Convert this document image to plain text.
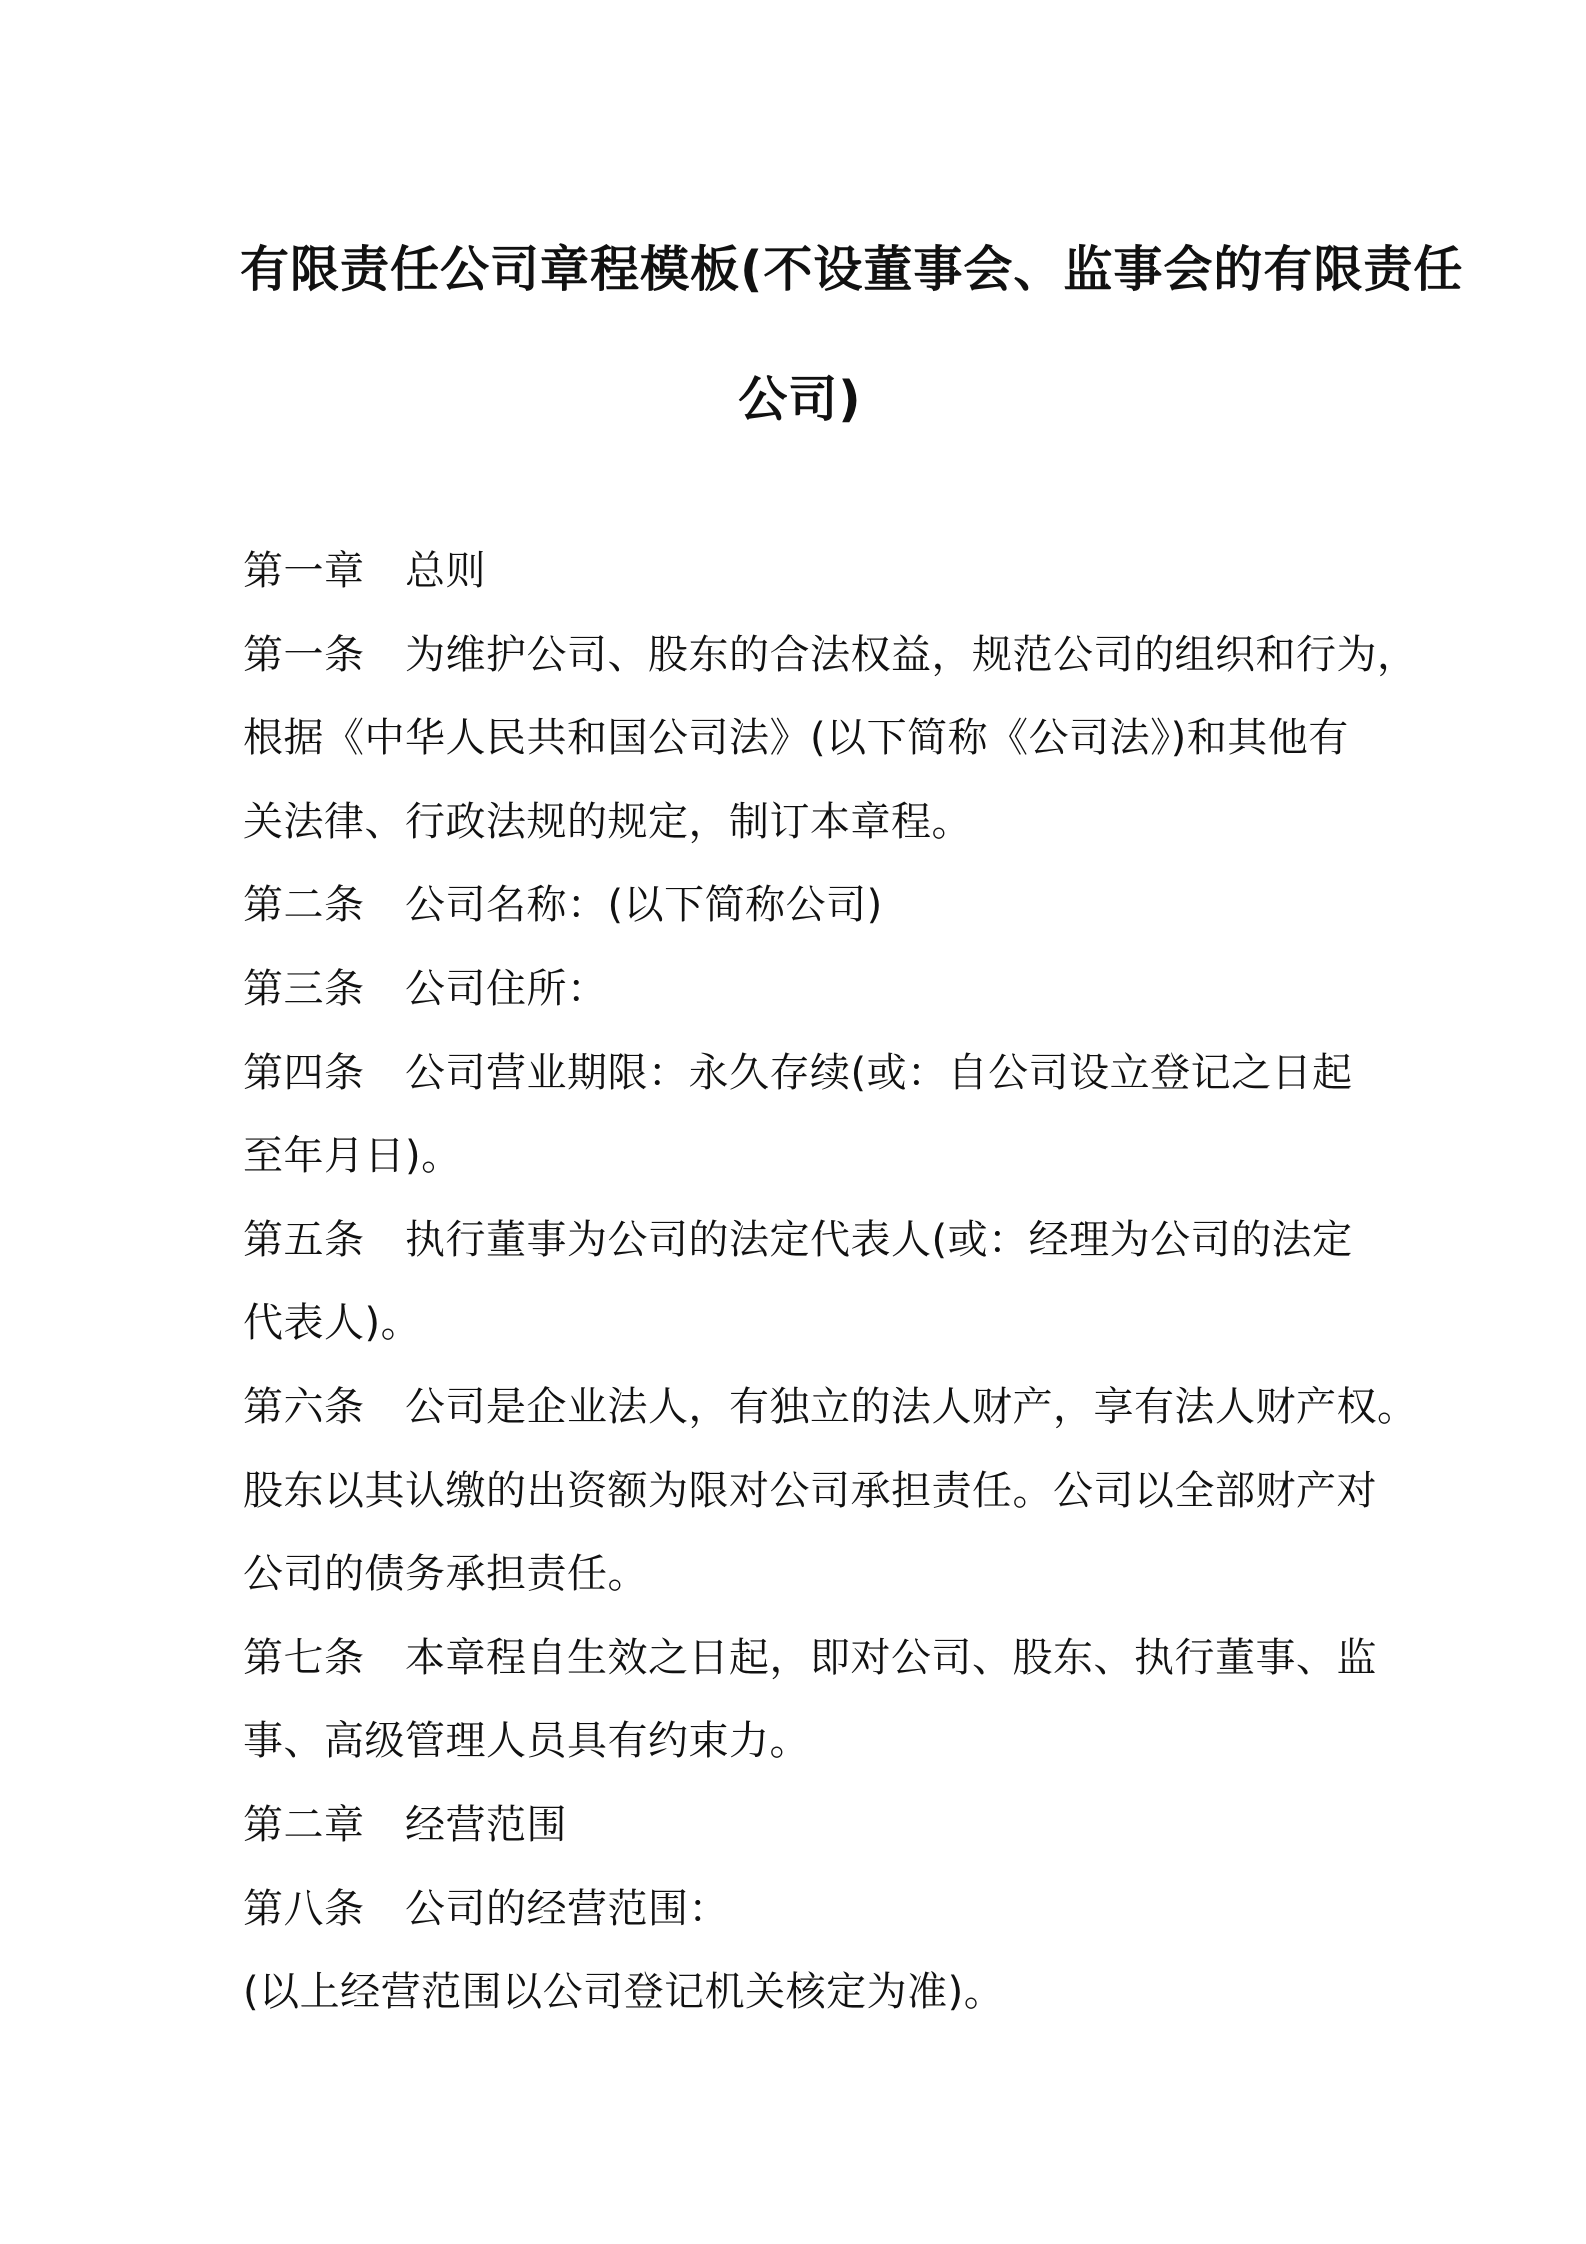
有限责任公司章程模板(不设董事会、监事会的有限责任
公司)
第一章 总则
第一条 为维护公司、股东的合法权益，规范公司的组织和行为，
根据《中华人民共和国公司法》(以下简称《公司法》)和其他有
关法律、行政法规的规定，制订本章程。
第二条 公司名称：(以下简称公司)
第三条 公司住所：
第四条 公司营业期限：永久存续(或：自公司设立登记之日起
至年月日)。
第五条 执行董事为公司的法定代表人(或：经理为公司的法定
代表人)。
第六条 公司是企业法人，有独立的法人财产，享有法人财产权。
股东以其认缴的出资额为限对公司承担责任。公司以全部财产对
公司的债务承担责任。
第七条 本章程自生效之日起，即对公司、股东、执行董事、监
事、高级管理人员具有约束力。
第二章 经营范围
第八条 公司的经营范围：
(以上经营范围以公司登记机关核定为准)。
